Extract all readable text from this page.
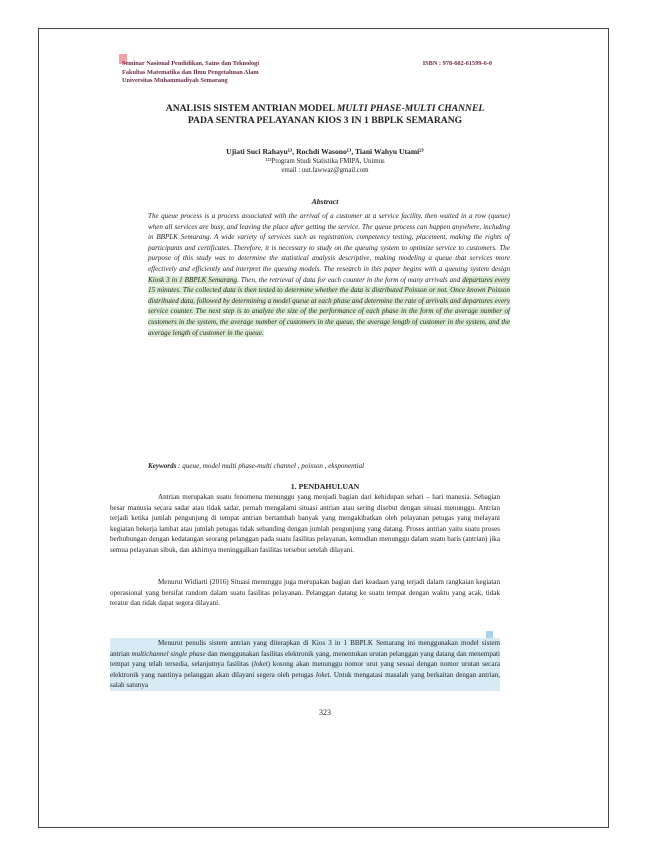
Seminar Nasional Pendidikan, Sains dan Teknologi
Fakultas Matematika dan Ilmu Pengetahuan Alam
Universitas Muhammadiyah Semarang
ISBN : 978-602-61599-6-0
ANALISIS SISTEM ANTRIAN MODEL MULTI PHASE-MULTI CHANNEL
PADA SENTRA PELAYANAN KIOS 3 IN 1 BBPLK SEMARANG
Ujiati Suci Rahayu¹⁾, Rochdi Wasono¹⁾, Tiani Wahyu Utami²⁾
¹²³Program Studi Statistika FMIPA, Unimus
email : uut.fawwaz@gmail.com
Abstract
The queue process is a process associated with the arrival of a customer at a service facility, then waited in a row (queue) when all services are busy, and leaving the place after getting the service. The queue process can happen anywhere, including in BBPLK Semarang. A wide variety of services such as registration, competency testing, placement, making the rights of participants and certificates. Therefore, it is necessary to study on the queuing system to optimize service to customers. The purpose of this study was to determine the statistical analysis descriptive, making modeling a queue that services more effectively and efficiently and interpret the queuing models. The research in this paper begins with a queuing system design Kiosk 3 in 1 BBPLK Semarang. Then, the retrieval of data for each counter in the form of many arrivals and departures every 15 minutes. The collected data is then tested to determine whether the data is distributed Poisson or not. Once known Poisson distributed data, followed by determining a model queue at each phase and determine the rate of arrivals and departures every service counter. The next step is to analyze the size of the performance of each phase in the form of the average number of customers in the system, the average number of customers in the queue, the average length of customer in the system, and the average length of customer in the queue.
Keywords : queue, model multi phase-multi channel , poisson , eksponential
1. PENDAHULUAN
Antrian merupakan suatu fenomena menunggu yang menjadi bagian dari kehidupan sehari – hari manusia. Sebagian besar manusia secara sadar atau tidak sadar, pernah mengalami situasi antrian atau sering disebut dengan situasi menunggu. Antrian terjadi ketika jumlah pengunjung di tempat antrian bertambah banyak yang mengakibatkan oleh pelayanan petugas yang melayani kegiatan bekerja lambat atau jumlah petugas tidak sebanding dengan jumlah pengunjung yang datang. Proses antrian yaitu suatu proses berhubungan dengan kedatangan seorang pelanggan pada suatu fasilitas pelayanan, kemudian menunggu dalam suatu baris (antrian) jika semua pelayanan sibuk, dan akhirnya meninggalkan fasilitas tersebut setelah dilayani.
Menurut Widiarti (2016) Situasi menunggu juga merupakan bagian dari keadaan yang terjadi dalam rangkaian kegiatan operasional yang bersifat random dalam suatu fasilitas pelayanan. Pelanggan datang ke suatu tempat dengan waktu yang acak, tidak teratur dan tidak dapat segera dilayani.
Menurut penulis sistem antrian yang diterapkan di Kios 3 in 1 BBPLK Semarang ini menggunakan model sistem antrian multichannel single phase dan menggunakan fasilitas elektronik yang, menentukan urutan pelanggan yang datang dan menempati tempat yang telah tersedia, selanjutnya fasilitas (loket) kosong akan menunggu nomor urut yang sesuai dengan nomor urutan secara elektronik yang nantinya pelanggan akan dilayani segera oleh petugas loket. Untuk mengatasi masalah yang berkaitan dengan antrian, salah satunya
323
